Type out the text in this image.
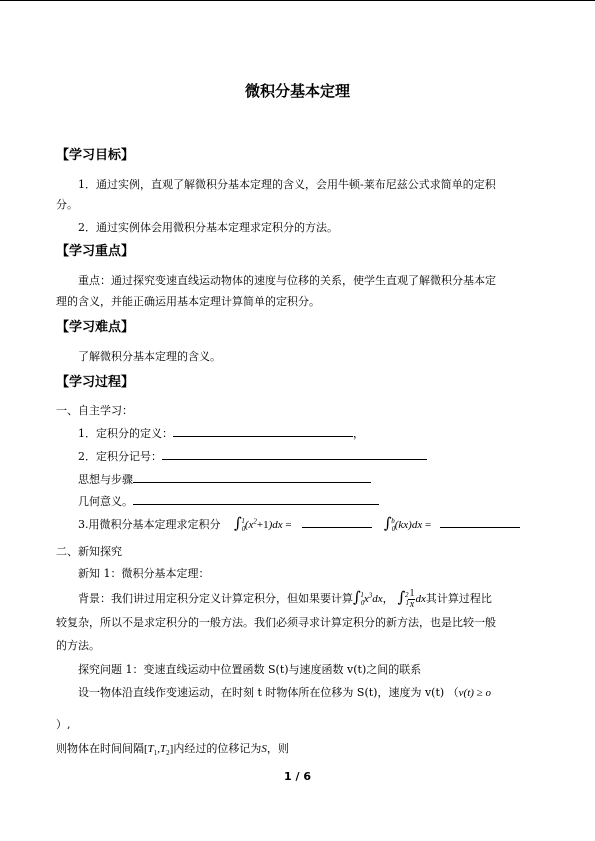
微积分基本定理
【学习目标】
1．通过实例，直观了解微积分基本定理的含义，会用牛顿-莱布尼兹公式求简单的定积
分。
2．通过实例体会用微积分基本定理求定积分的方法。
【学习重点】
重点：通过探究变速直线运动物体的速度与位移的关系，使学生直观了解微积分基本定
理的含义，并能正确运用基本定理计算简单的定积分。
【学习难点】
了解微积分基本定理的含义。
【学习过程】
一、自主学习：
1．定积分的定义：	，
2．定积分记号：
思想与步骤
几何意义。
3.用微积分基本定理求定积分 $\int_0^1(x^2+1)dx$ =	$\int_0^b(kx)dx$ =
二、新知探究
新知 1：微积分基本定理：
背景：我们讲过用定积分定义计算定积分，但如果要计算$\int_0^1x^3dx$， $\int_1^2 \frac{1}{x}$ dx其计算过程比
较复杂，所以不是求定积分的一般方法。我们必须寻求计算定积分的新方法，也是比较一般
的方法。
探究问题 1：变速直线运动中位置函数 S(t)与速度函数 v(t)之间的联系
设一物体沿直线作变速运动，在时刻 t 时物体所在位移为 S(t)，速度为 v(t) （v(t) ≥ o
）,
则物体在时间间隔$[T_1,T_2]$内经过的位移记为S，则
1 / 6
